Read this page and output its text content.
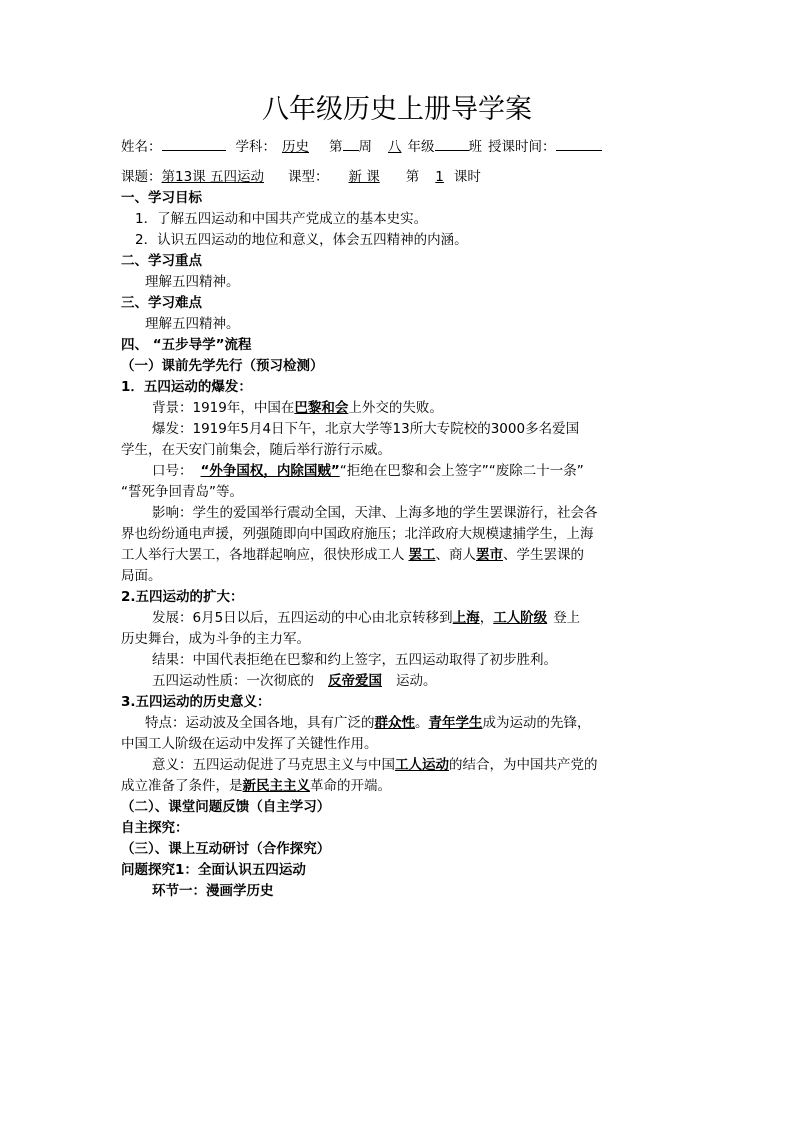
八年级历史上册导学案
姓名：	学科： 历史 第 周 八 年级	班 授课时间：
课题：第13课 五四运动 课型： 新 课 第 1 课时
一、学习目标
1．了解五四运动和中国共产党成立的基本史实。
2．认识五四运动的地位和意义，体会五四精神的内涵。
二、学习重点
理解五四精神。
三、学习难点
理解五四精神。
四、 “五步导学”流程
（一）课前先学先行（预习检测）
1．五四运动的爆发：
背景：1919年，中国在巴黎和会上外交的失败。
爆发：1919年5月4日下午，北京大学等13所大专院校的3000多名爱国
学生，在天安门前集会，随后举行游行示威。
口号： “外争国权，内除国贼”“拒绝在巴黎和会上签字”“废除二十一条”
“誓死争回青岛”等。
影响：学生的爱国举行震动全国，天津、上海多地的学生罢课游行，社会各
界也纷纷通电声援，列强随即向中国政府施压；北洋政府大规模逮捕学生，上海
工人举行大罢工，各地群起响应，很快形成工人 罢工、商人罢市、学生罢课的
局面。
2.五四运动的扩大：
发展：6月5日以后，五四运动的中心由北京转移到上海，工人阶级 登上
历史舞台，成为斗争的主力军。
结果：中国代表拒绝在巴黎和约上签字，五四运动取得了初步胜利。
五四运动性质：一次彻底的 反帝爱国 运动。
3.五四运动的历史意义：
特点：运动波及全国各地，具有广泛的群众性。青年学生成为运动的先锋，
中国工人阶级在运动中发挥了关键性作用。
意义：五四运动促进了马克思主义与中国工人运动的结合，为中国共产党的
成立准备了条件，是新民主主义革命的开端。
（二）、课堂问题反馈（自主学习）
自主探究：
（三）、课上互动研讨（合作探究）
问题探究1：全面认识五四运动
环节一：漫画学历史
